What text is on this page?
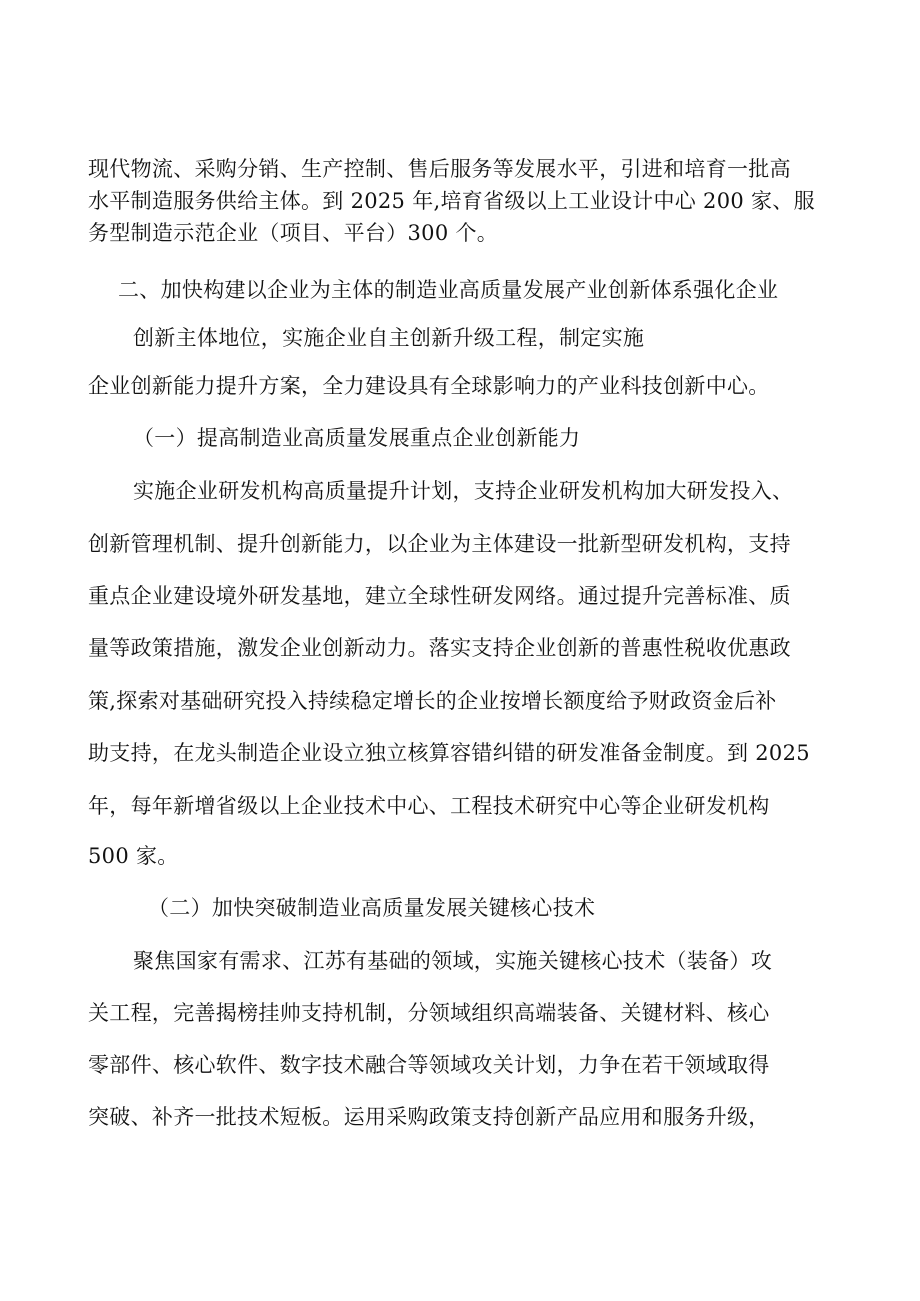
现代物流、采购分销、生产控制、售后服务等发展水平，引进和培育一批高

水平制造服务供给主体。到 2025 年,培育省级以上工业设计中心 200 家、服

务型制造示范企业（项目、平台）300 个。

二、加快构建以企业为主体的制造业高质量发展产业创新体系强化企业

创新主体地位，实施企业自主创新升级工程，制定实施

企业创新能力提升方案，全力建设具有全球影响力的产业科技创新中心。

（一）提高制造业高质量发展重点企业创新能力

实施企业研发机构高质量提升计划，支持企业研发机构加大研发投入、

创新管理机制、提升创新能力，以企业为主体建设一批新型研发机构，支持

重点企业建设境外研发基地，建立全球性研发网络。通过提升完善标准、质

量等政策措施，激发企业创新动力。落实支持企业创新的普惠性税收优惠政

策,探索对基础研究投入持续稳定增长的企业按增长额度给予财政资金后补

助支持，在龙头制造企业设立独立核算容错纠错的研发准备金制度。到 2025

年，每年新增省级以上企业技术中心、工程技术研究中心等企业研发机构

500 家。

（二）加快突破制造业高质量发展关键核心技术

聚焦国家有需求、江苏有基础的领域，实施关键核心技术（装备）攻

关工程，完善揭榜挂帅支持机制，分领域组织高端装备、关键材料、核心

零部件、核心软件、数字技术融合等领域攻关计划，力争在若干领域取得

突破、补齐一批技术短板。运用采购政策支持创新产品应用和服务升级，
